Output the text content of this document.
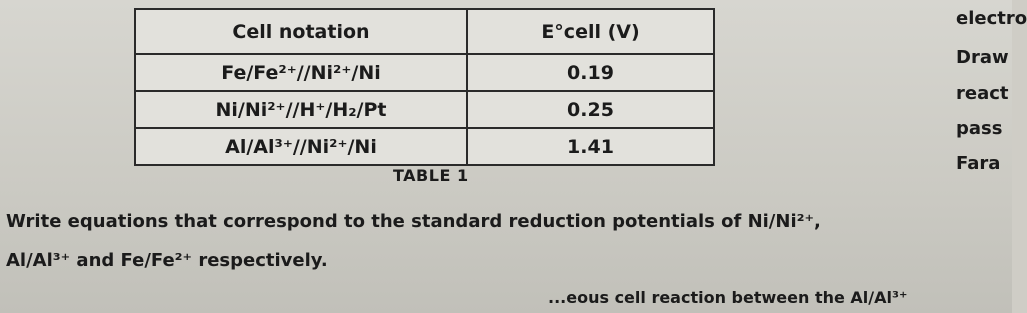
Cell notation	E°cell (V)
Fe/Fe²⁺//Ni²⁺/Ni	0.19
Ni/Ni²⁺//H⁺/H₂/Pt	0.25
Al/Al³⁺//Ni²⁺/Ni	1.41
TABLE 1
electro
Draw
react
pass
Fara
Write equations that correspond to the standard reduction potentials of Ni/Ni²⁺,
Al/Al³⁺ and Fe/Fe²⁺ respectively.
...eous cell reaction between the Al/Al³⁺
